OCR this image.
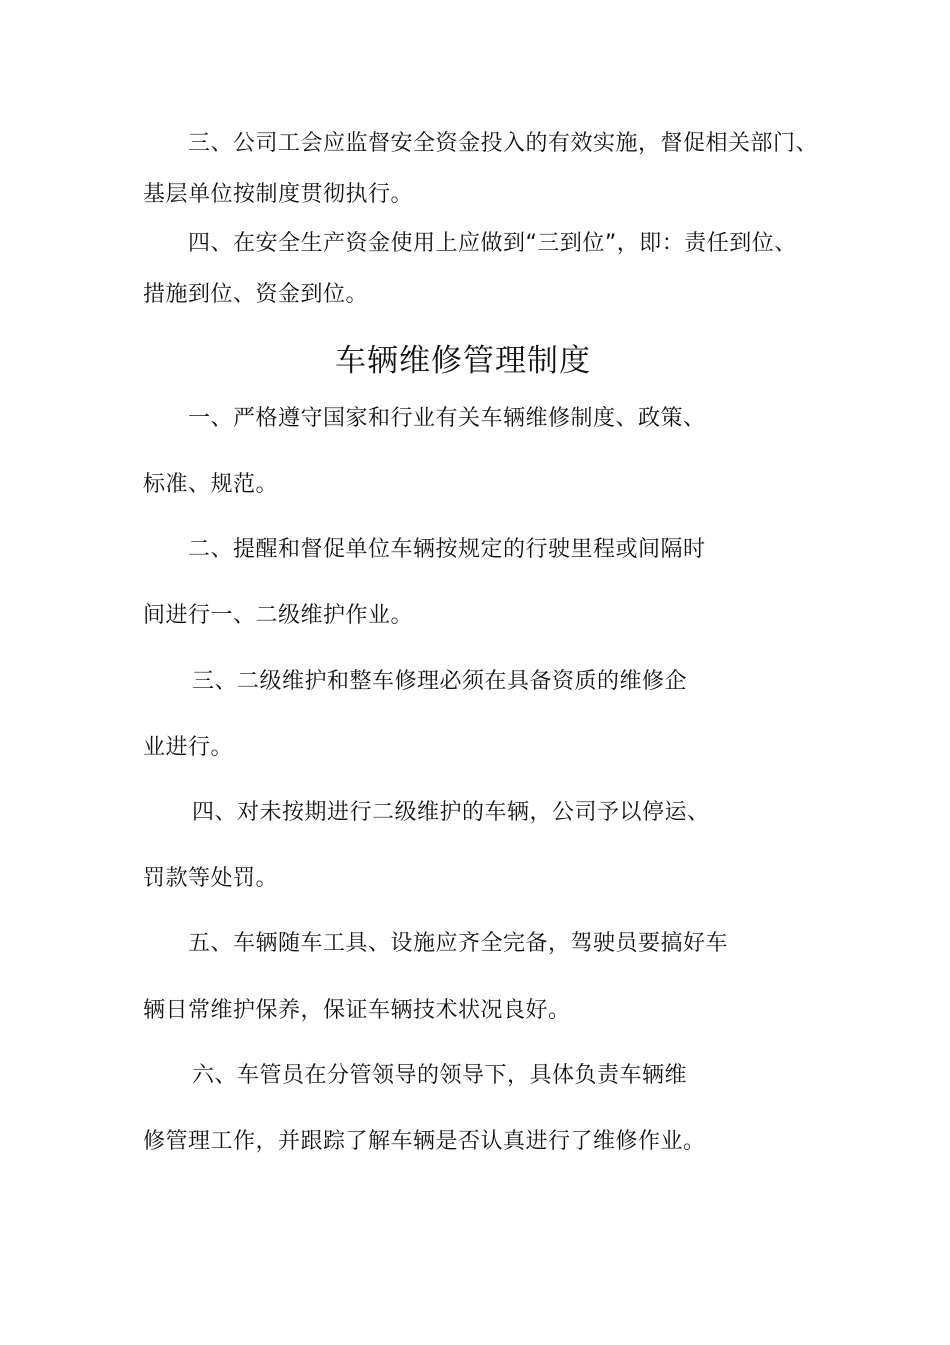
三、公司工会应监督安全资金投入的有效实施，督促相关部门、
基层单位按制度贯彻执行。
四、在安全生产资金使用上应做到“三到位”，即：责任到位、
措施到位、资金到位。
车辆维修管理制度
一、严格遵守国家和行业有关车辆维修制度、政策、
标准、规范。
二、提醒和督促单位车辆按规定的行驶里程或间隔时
间进行一、二级维护作业。
三、二级维护和整车修理必须在具备资质的维修企
业进行。
四、对未按期进行二级维护的车辆，公司予以停运、
罚款等处罚。
五、车辆随车工具、设施应齐全完备，驾驶员要搞好车
辆日常维护保养，保证车辆技术状况良好。
六、车管员在分管领导的领导下，具体负责车辆维
修管理工作，并跟踪了解车辆是否认真进行了维修作业。
